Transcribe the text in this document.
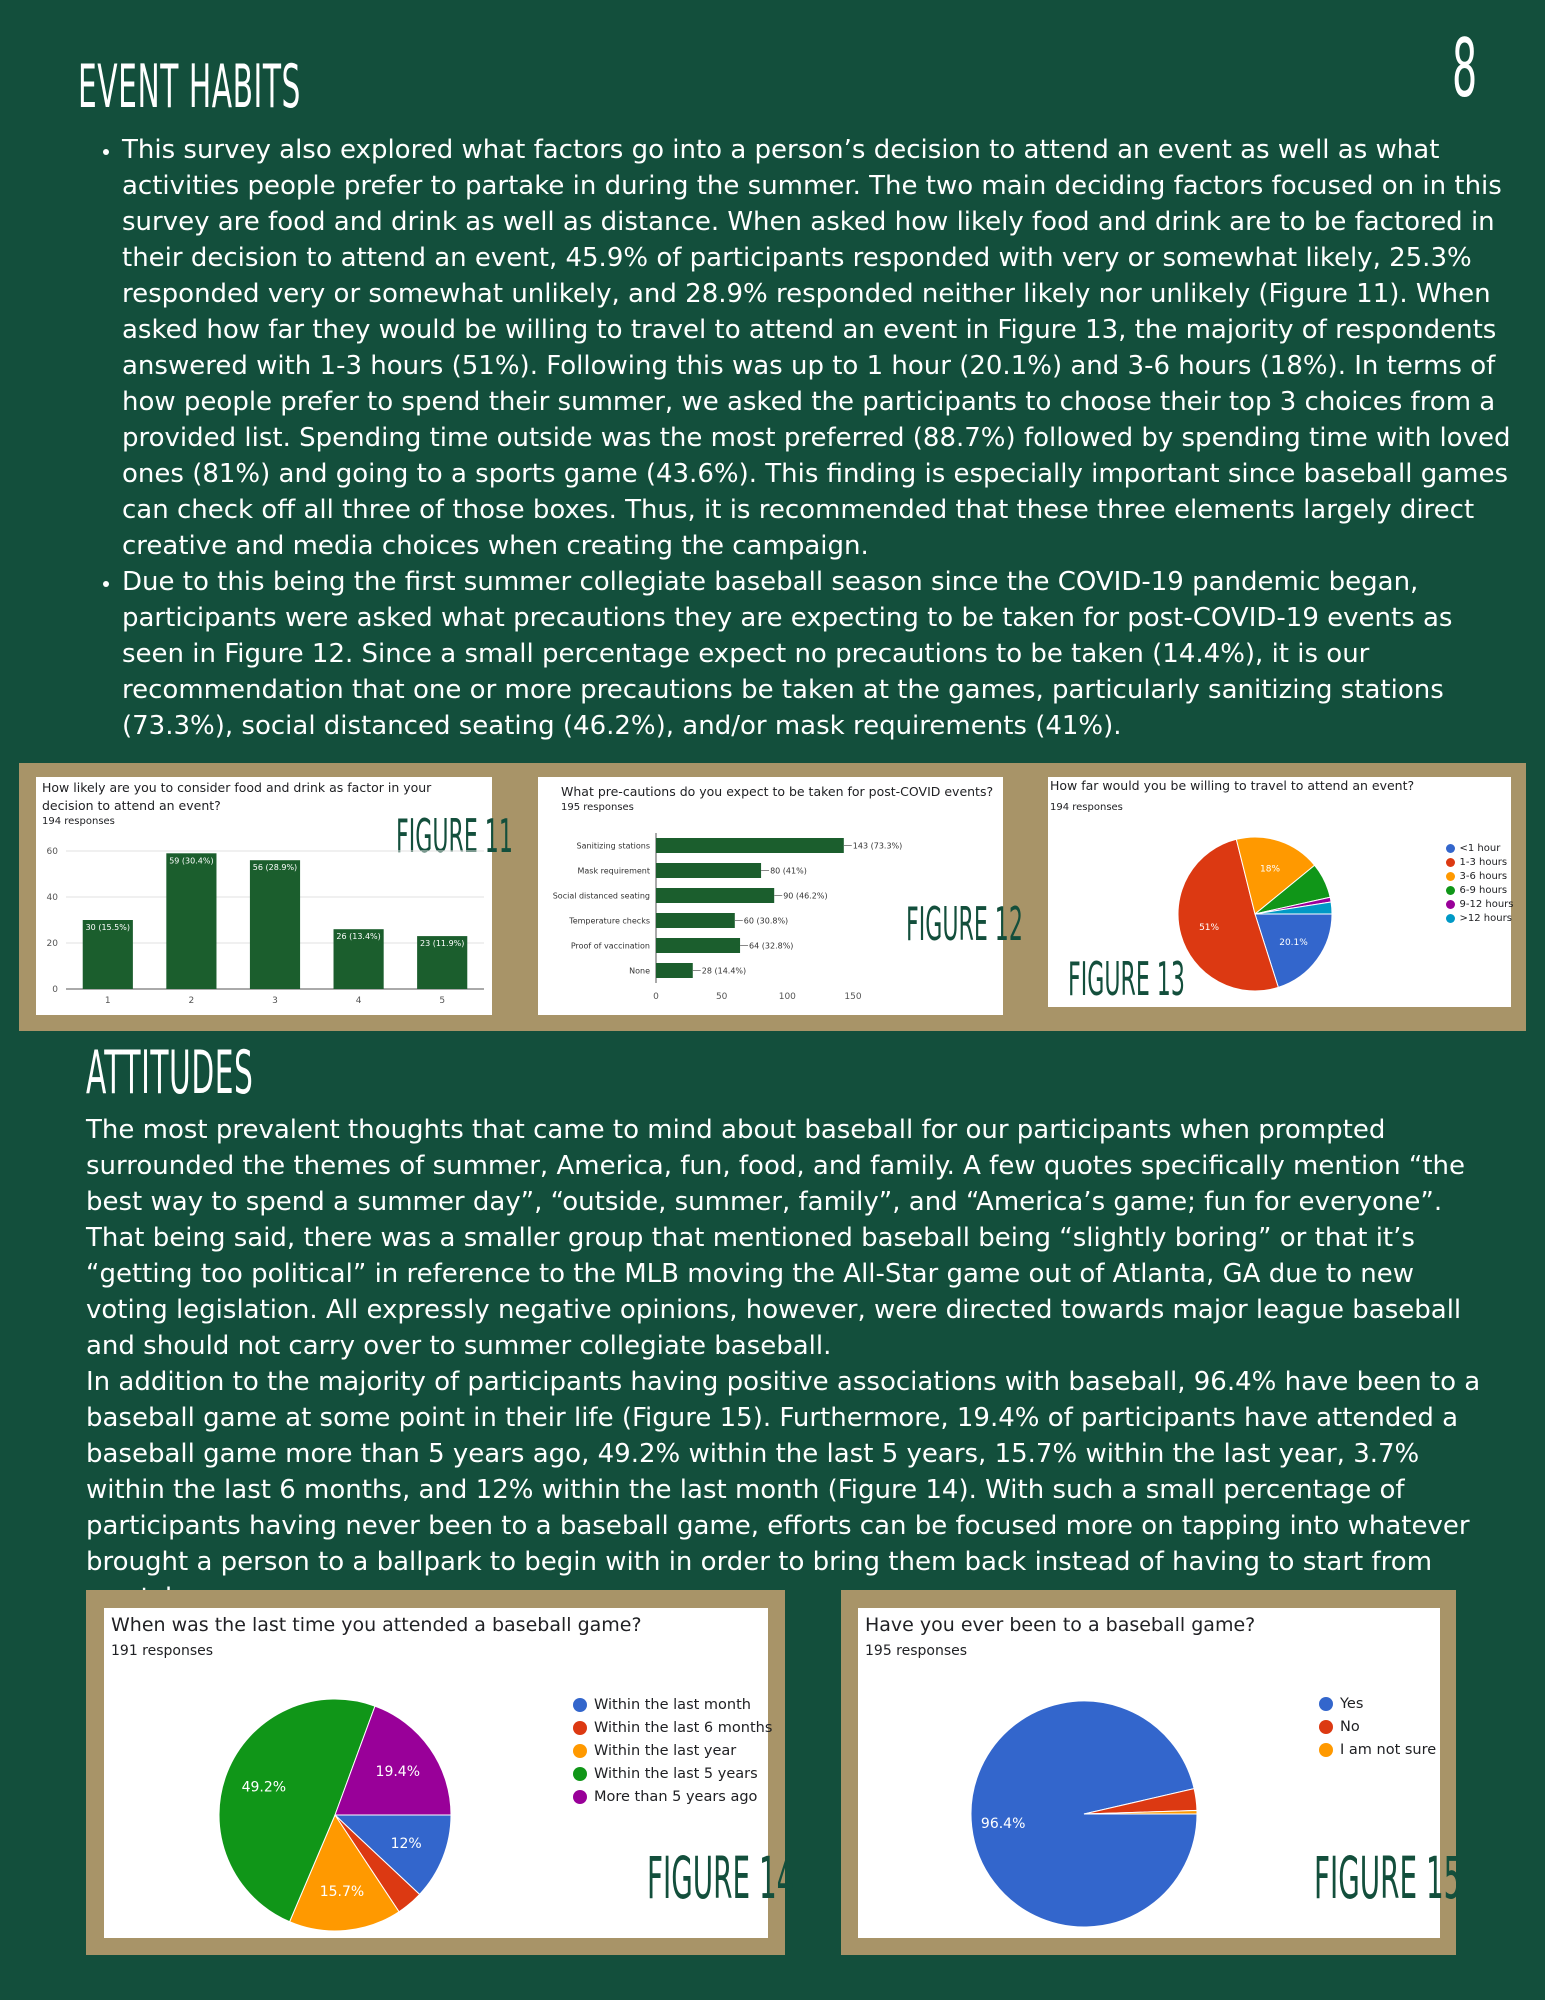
8
EVENT HABITS
• This survey also explored what factors go into a person’s decision to attend an event as well as what activities people prefer to partake in during the summer. The two main deciding factors focused on in this survey are food and drink as well as distance. When asked how likely food and drink are to be factored in their decision to attend an event, 45.9% of participants responded with very or somewhat likely, 25.3% responded very or somewhat unlikely, and 28.9% responded neither likely nor unlikely (Figure 11). When asked how far they would be willing to travel to attend an event in Figure 13, the majority of respondents answered with 1-3 hours (51%). Following this was up to 1 hour (20.1%) and 3-6 hours (18%). In terms of how people prefer to spend their summer, we asked the participants to choose their top 3 choices from a provided list. Spending time outside was the most preferred (88.7%) followed by spending time with loved ones (81%) and going to a sports game (43.6%). This finding is especially important since baseball games can check off all three of those boxes. Thus, it is recommended that these three elements largely direct creative and media choices when creating the campaign.
• Due to this being the first summer collegiate baseball season since the COVID-19 pandemic began, participants were asked what precautions they are expecting to be taken for post-COVID-19 events as seen in Figure 12. Since a small percentage expect no precautions to be taken (14.4%), it is our recommendation that one or more precautions be taken at the games, particularly sanitizing stations (73.3%), social distanced seating (46.2%), and/or mask requirements (41%).
How likely are you to consider food and drink as factor in your decision to attend an event?
194 responses	FIGURE 11
0
20
40
60
30 (15.5%)
1
59 (30.4%)
2
56 (28.9%)
3
26 (13.4%)
4
23 (11.9%)
5
What pre-cautions do you expect to be taken for post-COVID events?
195 responses
FIGURE 12
0	50	100	150
Sanitizing stations	143 (73.3%)
Mask requirement	80 (41%)
Social distanced seating	90 (46.2%)
Temperature checks	60 (30.8%)
Proof of vaccination	64 (32.8%)
None	28 (14.4%)
How far would you be willing to travel to attend an event?
194 responses
FIGURE 13
20.1%
51%
18%
<1 hour
1-3 hours
3-6 hours
6-9 hours
9-12 hours
>12 hours
ATTITUDES

The most prevalent thoughts that came to mind about baseball for our participants when prompted surrounded the themes of summer, America, fun, food, and family. A few quotes specifically mention “the best way to spend a summer day”, “outside, summer, family”, and “America’s game; fun for everyone”. That being said, there was a smaller group that mentioned baseball being “slightly boring” or that it’s “getting too political” in reference to the MLB moving the All-Star game out of Atlanta, GA due to new voting legislation. All expressly negative opinions, however, were directed towards major league baseball and should not carry over to summer collegiate baseball.

In addition to the majority of participants having positive associations with baseball, 96.4% have been to a baseball game at some point in their life (Figure 15). Furthermore, 19.4% of participants have attended a baseball game more than 5 years ago, 49.2% within the last 5 years, 15.7% within the last year, 3.7% within the last 6 months, and 12% within the last month (Figure 14). With such a small percentage of participants having never been to a baseball game, efforts can be focused more on tapping into whatever brought a person to a ballpark to begin with in order to bring them back instead of having to start from

When was the last time you attended a baseball game?
191 responses
FIGURE 14
12%
15.7%
49.2%
19.4%
Within the last month
Within the last 6 months
Within the last year
Within the last 5 years
More than 5 years ago
Have you ever been to a baseball game?
195 responses
FIGURE 15
96.4%
Yes
No
I am not sure
